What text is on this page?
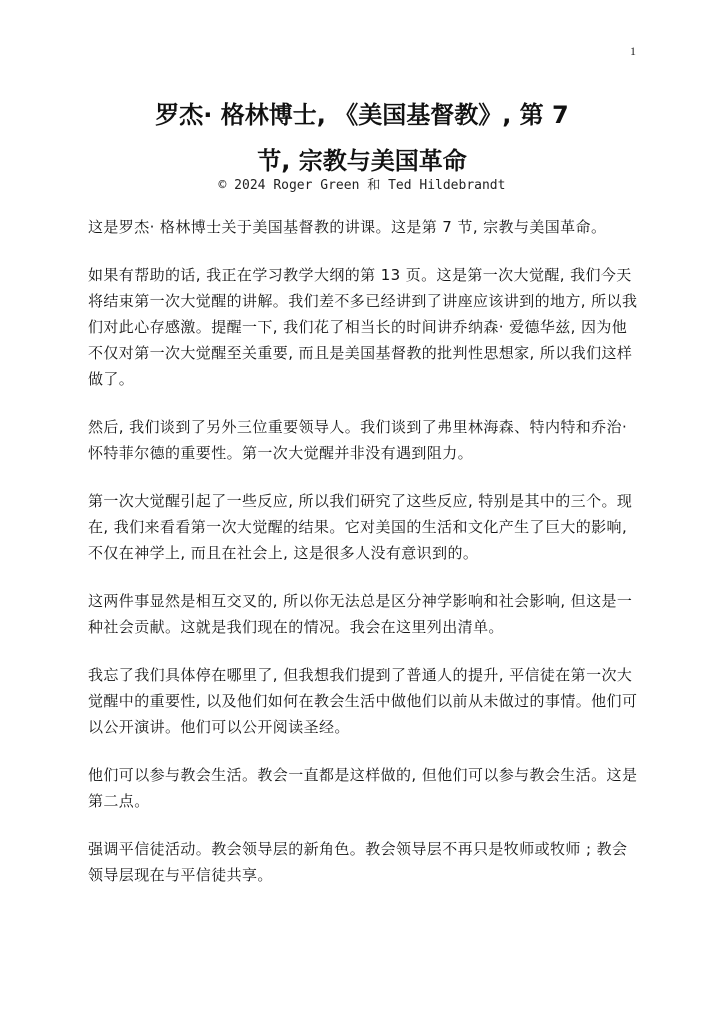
1
罗杰· 格林博士, 《美国基督教》, 第 7
节, 宗教与美国革命
© 2024 Roger Green 和 Ted Hildebrandt

这是罗杰· 格林博士关于美国基督教的讲课。这是第 7 节, 宗教与美国革命。

如果有帮助的话, 我正在学习教学大纲的第 13 页。这是第一次大觉醒, 我们今天将结束第一次大觉醒的讲解。我们差不多已经讲到了讲座应该讲到的地方, 所以我们对此心存感激。提醒一下, 我们花了相当长的时间讲乔纳森· 爱德华兹, 因为他不仅对第一次大觉醒至关重要, 而且是美国基督教的批判性思想家, 所以我们这样做了。

然后, 我们谈到了另外三位重要领导人。我们谈到了弗里林海森、特内特和乔治· 怀特菲尔德的重要性。第一次大觉醒并非没有遇到阻力。

第一次大觉醒引起了一些反应, 所以我们研究了这些反应, 特别是其中的三个。现在, 我们来看看第一次大觉醒的结果。它对美国的生活和文化产生了巨大的影响, 不仅在神学上, 而且在社会上, 这是很多人没有意识到的。

这两件事显然是相互交叉的, 所以你无法总是区分神学影响和社会影响, 但这是一种社会贡献。这就是我们现在的情况。我会在这里列出清单。

我忘了我们具体停在哪里了, 但我想我们提到了普通人的提升, 平信徒在第一次大觉醒中的重要性, 以及他们如何在教会生活中做他们以前从未做过的事情。他们可以公开演讲。他们可以公开阅读圣经。

他们可以参与教会生活。教会一直都是这样做的, 但他们可以参与教会生活。这是第二点。

强调平信徒活动。教会领导层的新角色。教会领导层不再只是牧师或牧师 ; 教会领导层现在与平信徒共享。
